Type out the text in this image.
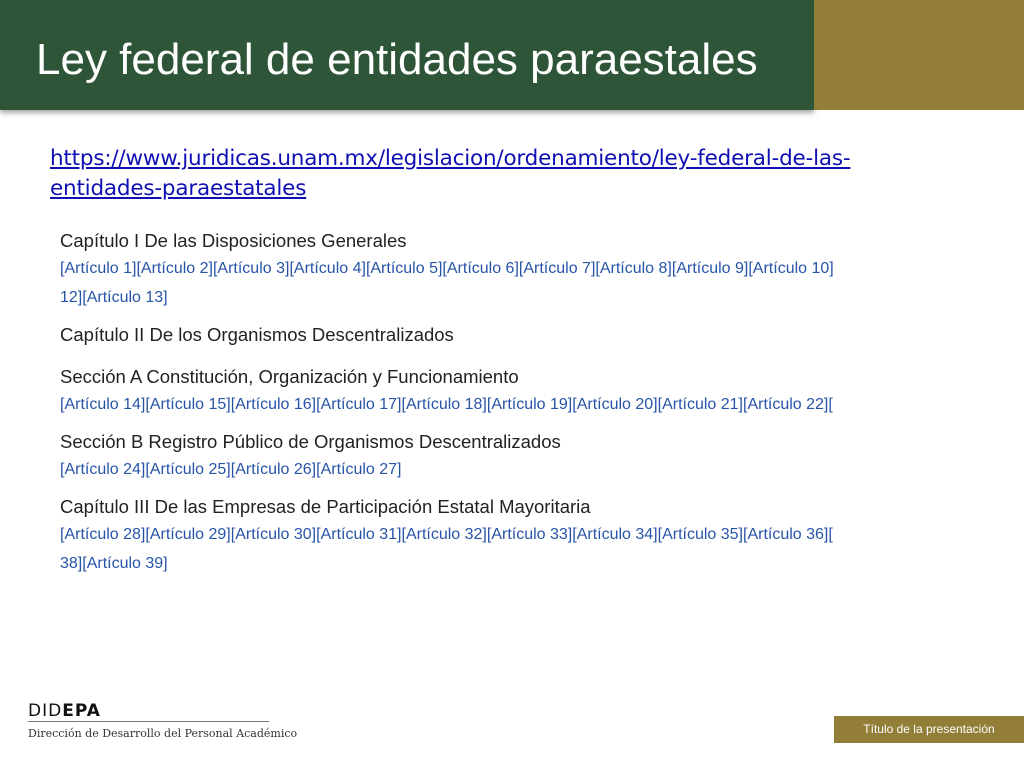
Ley federal de entidades paraestales
https://www.juridicas.unam.mx/legislacion/ordenamiento/ley-federal-de-las-
entidades-paraestatales
Capítulo I De las Disposiciones Generales
[Artículo 1][Artículo 2][Artículo 3][Artículo 4][Artículo 5][Artículo 6][Artículo 7][Artículo 8][Artículo 9][Artículo 10]
12][Artículo 13]
Capítulo II De los Organismos Descentralizados
Sección A Constitución, Organización y Funcionamiento
[Artículo 14][Artículo 15][Artículo 16][Artículo 17][Artículo 18][Artículo 19][Artículo 20][Artículo 21][Artículo 22][
Sección B Registro Público de Organismos Descentralizados
[Artículo 24][Artículo 25][Artículo 26][Artículo 27]
Capítulo III De las Empresas de Participación Estatal Mayoritaria
[Artículo 28][Artículo 29][Artículo 30][Artículo 31][Artículo 32][Artículo 33][Artículo 34][Artículo 35][Artículo 36][
38][Artículo 39]
DIDEPA
Dirección de Desarrollo del Personal Académico	Título de la presentación
